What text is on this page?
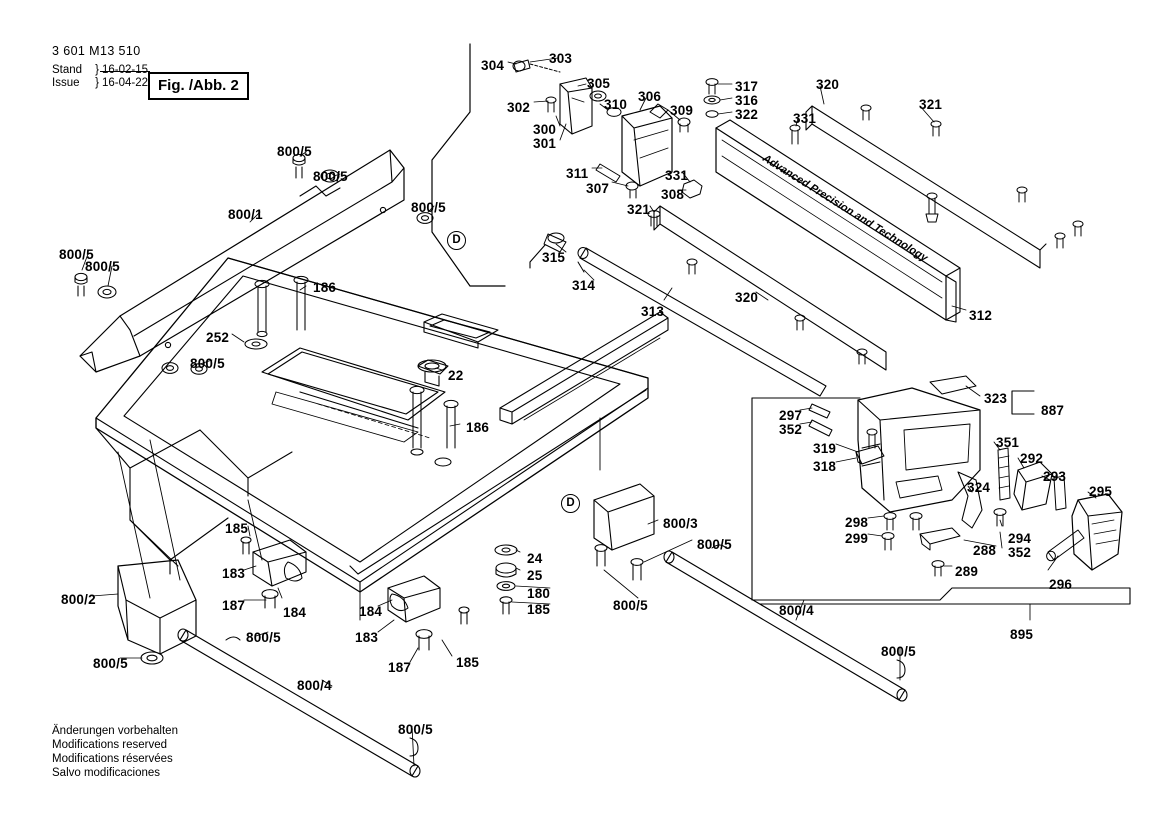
Advanced Precision and Technology
3 601 M13 510
Stand } 16-02-15
Issue } 16-04-22 Fig. /Abb. 2
Änderungen vorbehalten
Modifications reserved
Modifications réservées
Salvo modificaciones
304	303
305
302	310
306
309
317
316
322
320
321
331
300
301
311
307
331
308
321
315
314
313
320
312
800/5
800/5
800/1	800/5
800/5
800/5
186
252
800/5
22
186
297
352
323
887
319
318
351
292
293
324	295
298
299	294
288 352
289
296
895
185
183
187	184
800/2
800/5
800/5
800/4
800/5
184
183
187	185
24
25
180
185
800/3
800/5
800/5	800/4
800/5
D
D
